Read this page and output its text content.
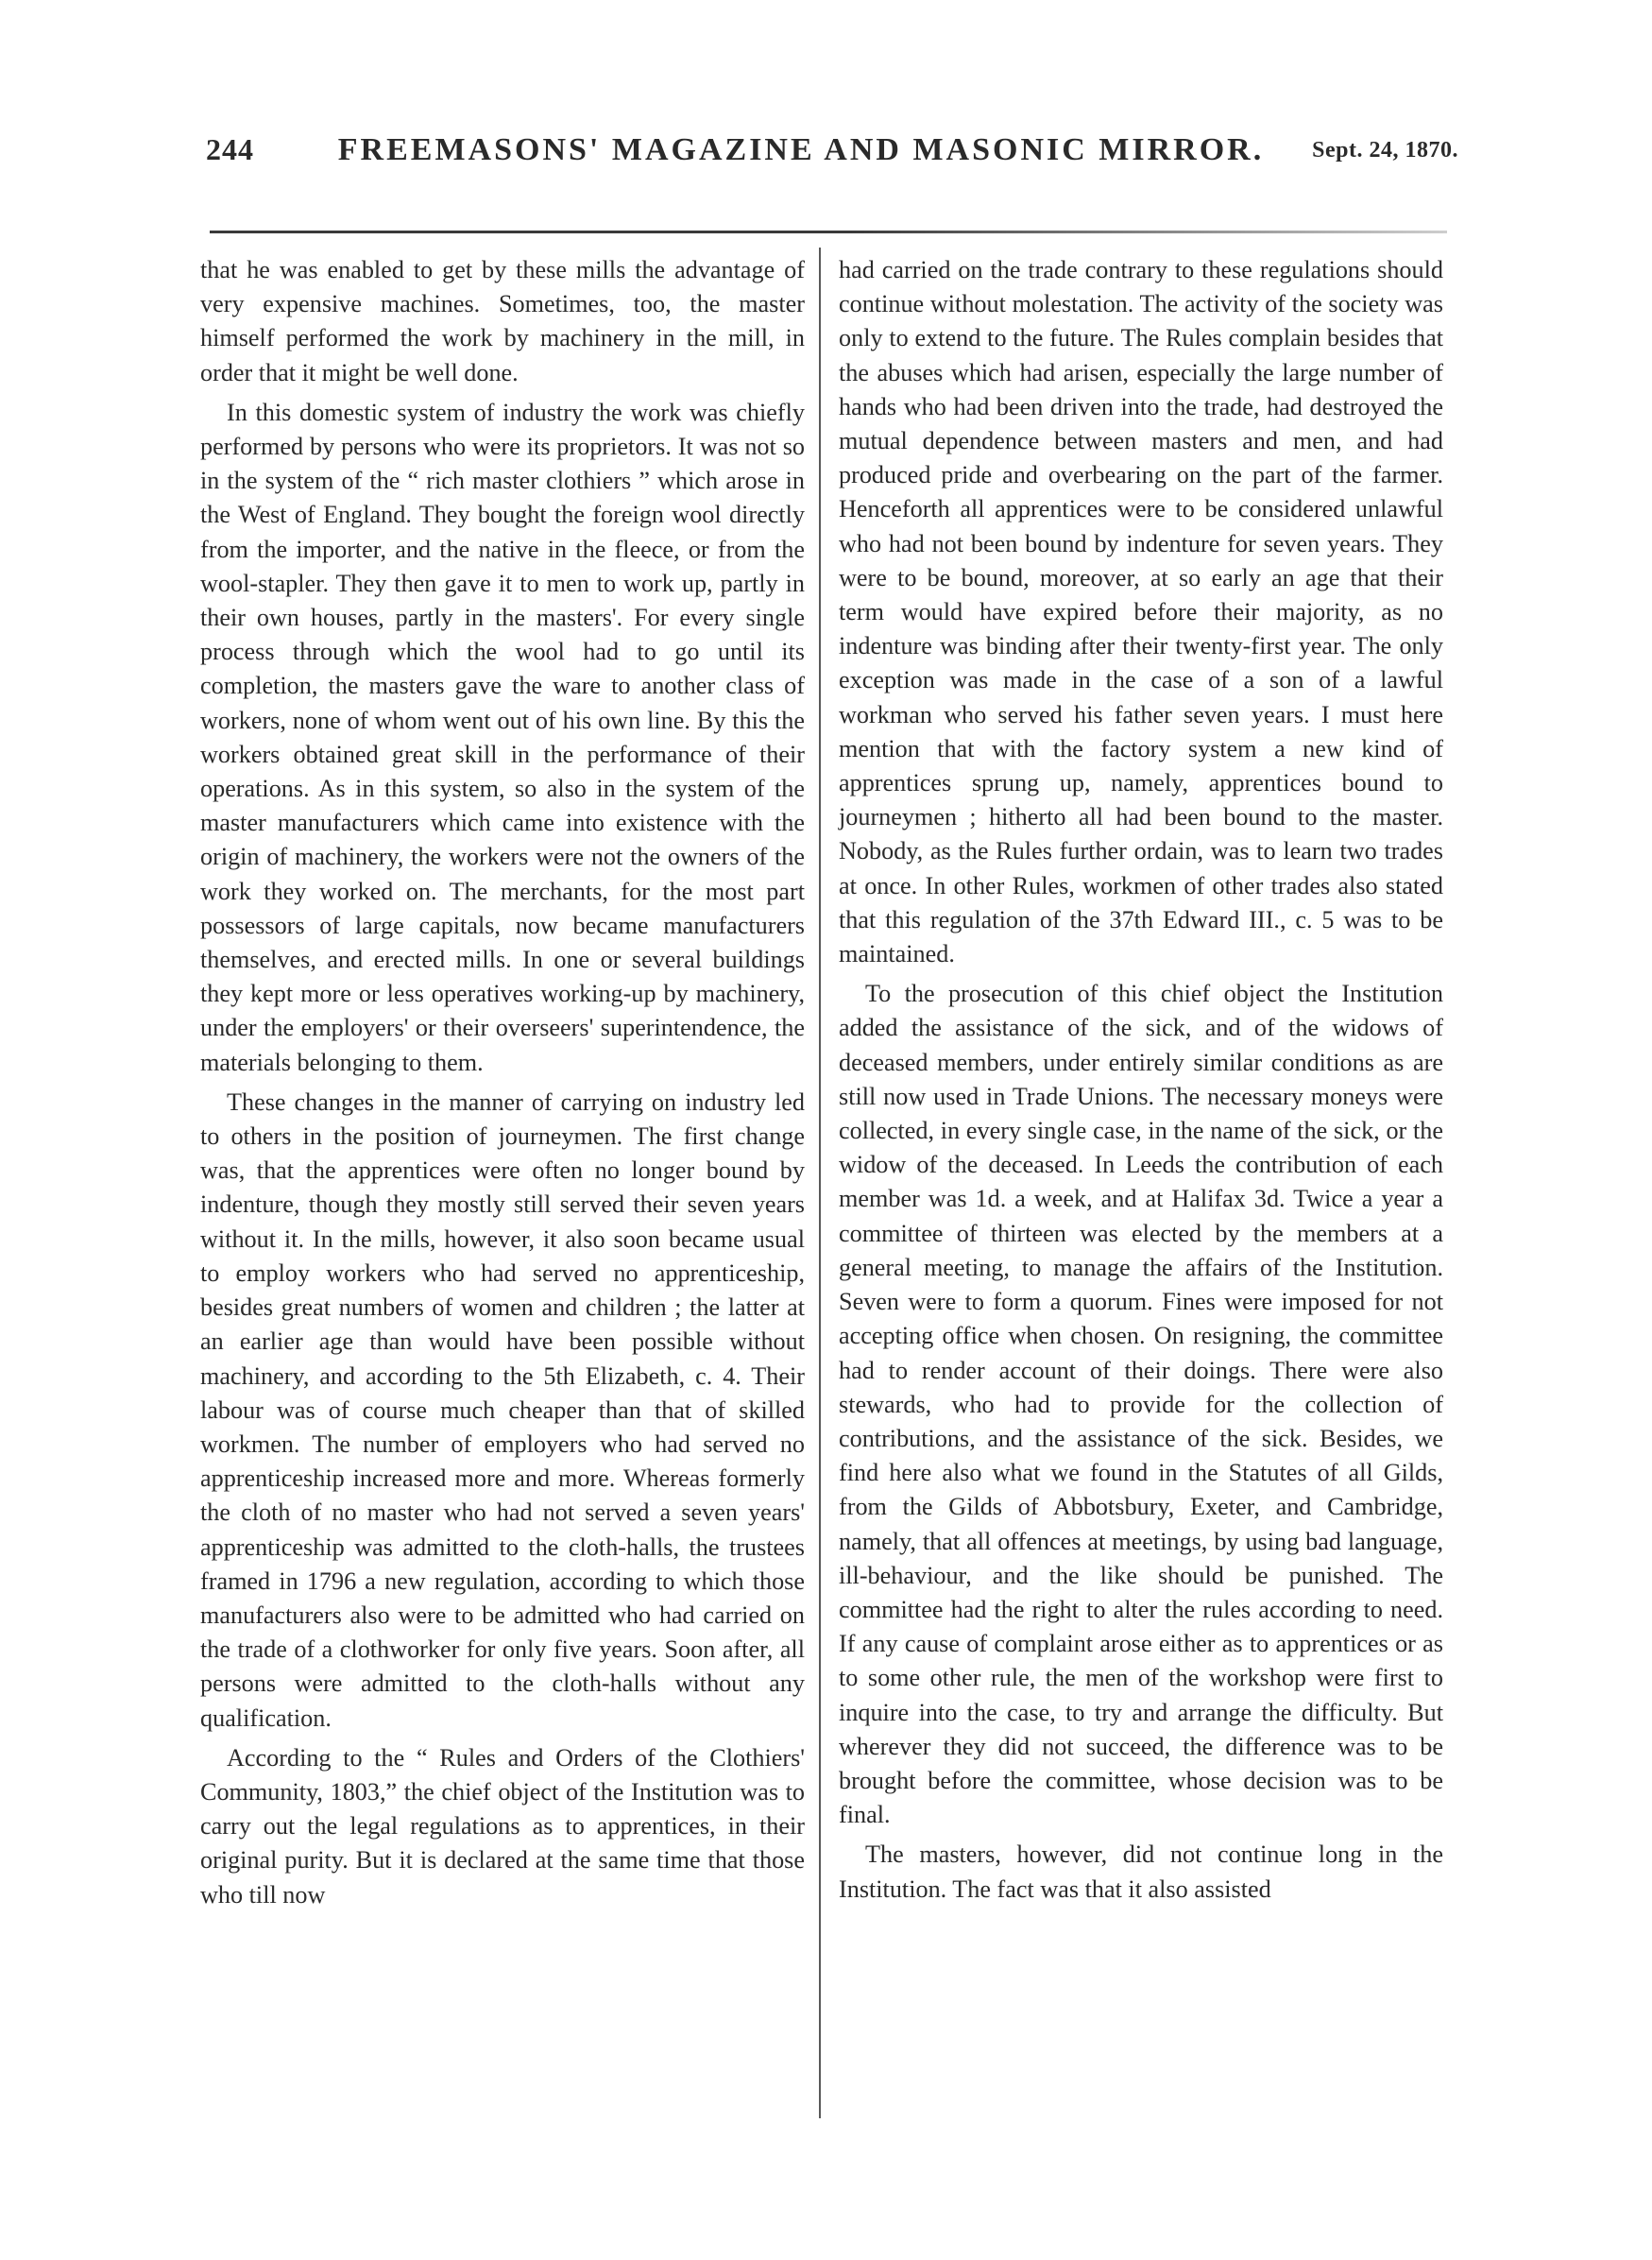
244	FREEMASONS' MAGAZINE AND MASONIC MIRROR.	Sept. 24, 1870.

that he was enabled to get by these mills the advantage of very expensive machines. Sometimes, too, the master himself performed the work by machinery in the mill, in order that it might be well done.

In this domestic system of industry the work was chiefly performed by persons who were its proprietors. It was not so in the system of the “ rich master clothiers ” which arose in the West of England. They bought the foreign wool directly from the importer, and the native in the fleece, or from the wool-stapler. They then gave it to men to work up, partly in their own houses, partly in the masters'. For every single process through which the wool had to go until its completion, the masters gave the ware to another class of workers, none of whom went out of his own line. By this the workers obtained great skill in the performance of their operations. As in this system, so also in the system of the master manufacturers which came into existence with the origin of machinery, the workers were not the owners of the work they worked on. The merchants, for the most part possessors of large capitals, now became manufacturers themselves, and erected mills. In one or several buildings they kept more or less operatives working-up by machinery, under the employers' or their overseers' superintendence, the materials belonging to them.

These changes in the manner of carrying on industry led to others in the position of journeymen. The first change was, that the apprentices were often no longer bound by indenture, though they mostly still served their seven years without it. In the mills, however, it also soon became usual to employ workers who had served no apprenticeship, besides great numbers of women and children ; the latter at an earlier age than would have been possible without machinery, and according to the 5th Elizabeth, c. 4. Their labour was of course much cheaper than that of skilled workmen. The number of employers who had served no apprenticeship increased more and more. Whereas formerly the cloth of no master who had not served a seven years' apprenticeship was admitted to the cloth-halls, the trustees framed in 1796 a new regulation, according to which those manufacturers also were to be admitted who had carried on the trade of a clothworker for only five years. Soon after, all persons were admitted to the cloth-halls without any qualification.

According to the “ Rules and Orders of the Clothiers' Community, 1803,” the chief object of the Institution was to carry out the legal regulations as to apprentices, in their original purity. But it is declared at the same time that those who till now

had carried on the trade contrary to these regulations should continue without molestation. The activity of the society was only to extend to the future. The Rules complain besides that the abuses which had arisen, especially the large number of hands who had been driven into the trade, had destroyed the mutual dependence between masters and men, and had produced pride and overbearing on the part of the farmer. Henceforth all apprentices were to be considered unlawful who had not been bound by indenture for seven years. They were to be bound, moreover, at so early an age that their term would have expired before their majority, as no indenture was binding after their twenty-first year. The only exception was made in the case of a son of a lawful workman who served his father seven years. I must here mention that with the factory system a new kind of apprentices sprung up, namely, apprentices bound to journeymen ; hitherto all had been bound to the master. Nobody, as the Rules further ordain, was to learn two trades at once. In other Rules, workmen of other trades also stated that this regulation of the 37th Edward III., c. 5 was to be maintained.

To the prosecution of this chief object the Institution added the assistance of the sick, and of the widows of deceased members, under entirely similar conditions as are still now used in Trade Unions. The necessary moneys were collected, in every single case, in the name of the sick, or the widow of the deceased. In Leeds the contribution of each member was 1d. a week, and at Halifax 3d. Twice a year a committee of thirteen was elected by the members at a general meeting, to manage the affairs of the Institution. Seven were to form a quorum. Fines were imposed for not accepting office when chosen. On resigning, the committee had to render account of their doings. There were also stewards, who had to provide for the collection of contributions, and the assistance of the sick. Besides, we find here also what we found in the Statutes of all Gilds, from the Gilds of Abbotsbury, Exeter, and Cambridge, namely, that all offences at meetings, by using bad language, ill-behaviour, and the like should be punished. The committee had the right to alter the rules according to need. If any cause of complaint arose either as to apprentices or as to some other rule, the men of the workshop were first to inquire into the case, to try and arrange the difficulty. But wherever they did not succeed, the difference was to be brought before the committee, whose decision was to be final.

The masters, however, did not continue long in the Institution. The fact was that it also assisted
